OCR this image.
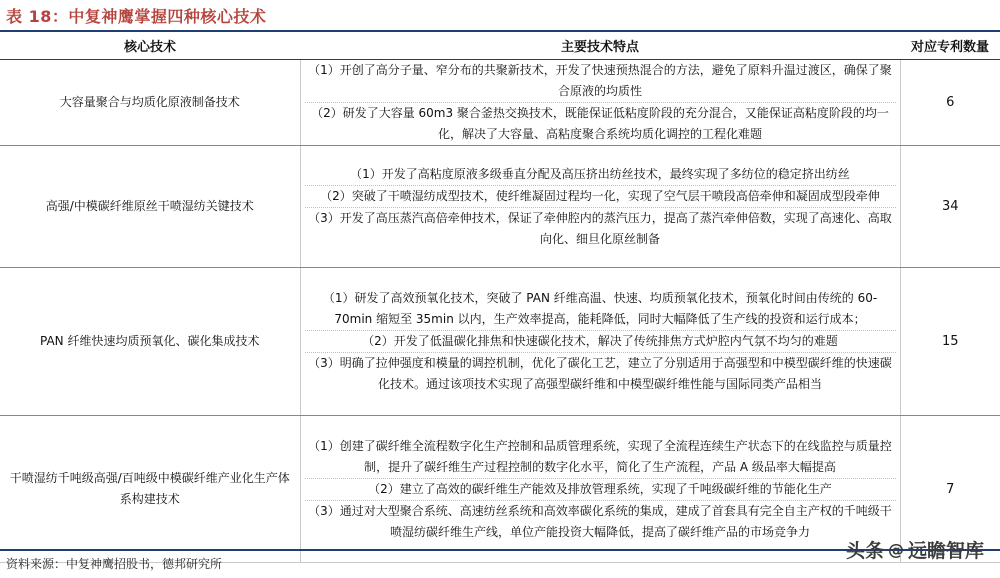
表 18：中复神鹰掌握四种核心技术
核心技术	主要技术特点	对应专利数量
大容量聚合与均质化原液制备技术	（1）开创了高分子量、窄分布的共聚新技术，开发了快速预热混合的方法，避免了原料升温过渡区，确保了聚合原液的均质性
（2）研发了大容量 60m3 聚合釜热交换技术，既能保证低粘度阶段的充分混合，又能保证高粘度阶段的均一化，解决了大容量、高粘度聚合系统均质化调控的工程化难题	6
高强/中模碳纤维原丝干喷湿纺关键技术	（1）开发了高粘度原液多级垂直分配及高压挤出纺丝技术，最终实现了多纺位的稳定挤出纺丝
（2）突破了干喷湿纺成型技术，使纤维凝固过程均一化，实现了空气层干喷段高倍牵伸和凝固成型段牵伸
（3）开发了高压蒸汽高倍牵伸技术，保证了牵伸腔内的蒸汽压力，提高了蒸汽牵伸倍数，实现了高速化、高取向化、细旦化原丝制备	34
PAN 纤维快速均质预氧化、碳化集成技术	（1）研发了高效预氧化技术，突破了 PAN 纤维高温、快速、均质预氧化技术，预氧化时间由传统的 60-70min 缩短至 35min 以内，生产效率提高，能耗降低，同时大幅降低了生产线的投资和运行成本；
（2）开发了低温碳化排焦和快速碳化技术，解决了传统排焦方式炉腔内气氛不均匀的难题
（3）明确了拉伸强度和模量的调控机制，优化了碳化工艺，建立了分别适用于高强型和中模型碳纤维的快速碳化技术。通过该项技术实现了高强型碳纤维和中模型碳纤维性能与国际同类产品相当	15
干喷湿纺千吨级高强/百吨级中模碳纤维产业化生产体系构建技术	（1）创建了碳纤维全流程数字化生产控制和品质管理系统，实现了全流程连续生产状态下的在线监控与质量控制，提升了碳纤维生产过程控制的数字化水平，简化了生产流程，产品 A 级品率大幅提高
（2）建立了高效的碳纤维生产能效及排放管理系统，实现了千吨级碳纤维的节能化生产
（3）通过对大型聚合系统、高速纺丝系统和高效率碳化系统的集成，建成了首套具有完全自主产权的千吨级干喷湿纺碳纤维生产线，单位产能投资大幅降低，提高了碳纤维产品的市场竞争力	7
资料来源：中复神鹰招股书，德邦研究所
头条 @ 远瞻智库
